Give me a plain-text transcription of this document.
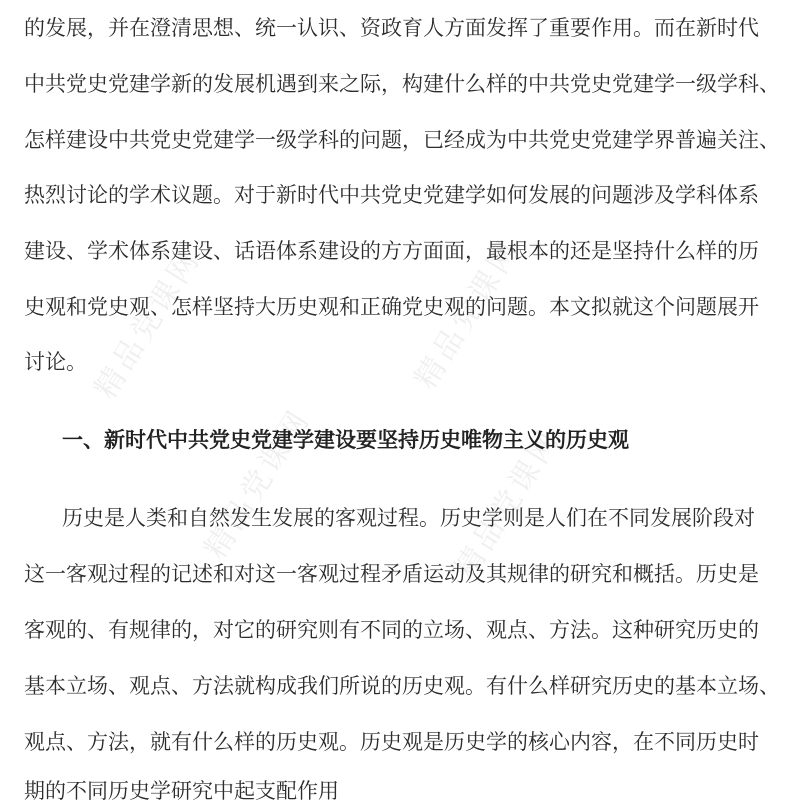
精品党课网	精品党课网
精品党课网	精品党课网
的发展，并在澄清思想、统一认识、资政育人方面发挥了重要作用。而在新时代
中共党史党建学新的发展机遇到来之际，构建什么样的中共党史党建学一级学科、
怎样建设中共党史党建学一级学科的问题，已经成为中共党史党建学界普遍关注、
热烈讨论的学术议题。对于新时代中共党史党建学如何发展的问题涉及学科体系
建设、学术体系建设、话语体系建设的方方面面，最根本的还是坚持什么样的历
史观和党史观、怎样坚持大历史观和正确党史观的问题。本文拟就这个问题展开
讨论。
一、新时代中共党史党建学建设要坚持历史唯物主义的历史观
历史是人类和自然发生发展的客观过程。历史学则是人们在不同发展阶段对
这一客观过程的记述和对这一客观过程矛盾运动及其规律的研究和概括。历史是
客观的、有规律的，对它的研究则有不同的立场、观点、方法。这种研究历史的
基本立场、观点、方法就构成我们所说的历史观。有什么样研究历史的基本立场、
观点、方法，就有什么样的历史观。历史观是历史学的核心内容，在不同历史时
期的不同历史学研究中起支配作用
